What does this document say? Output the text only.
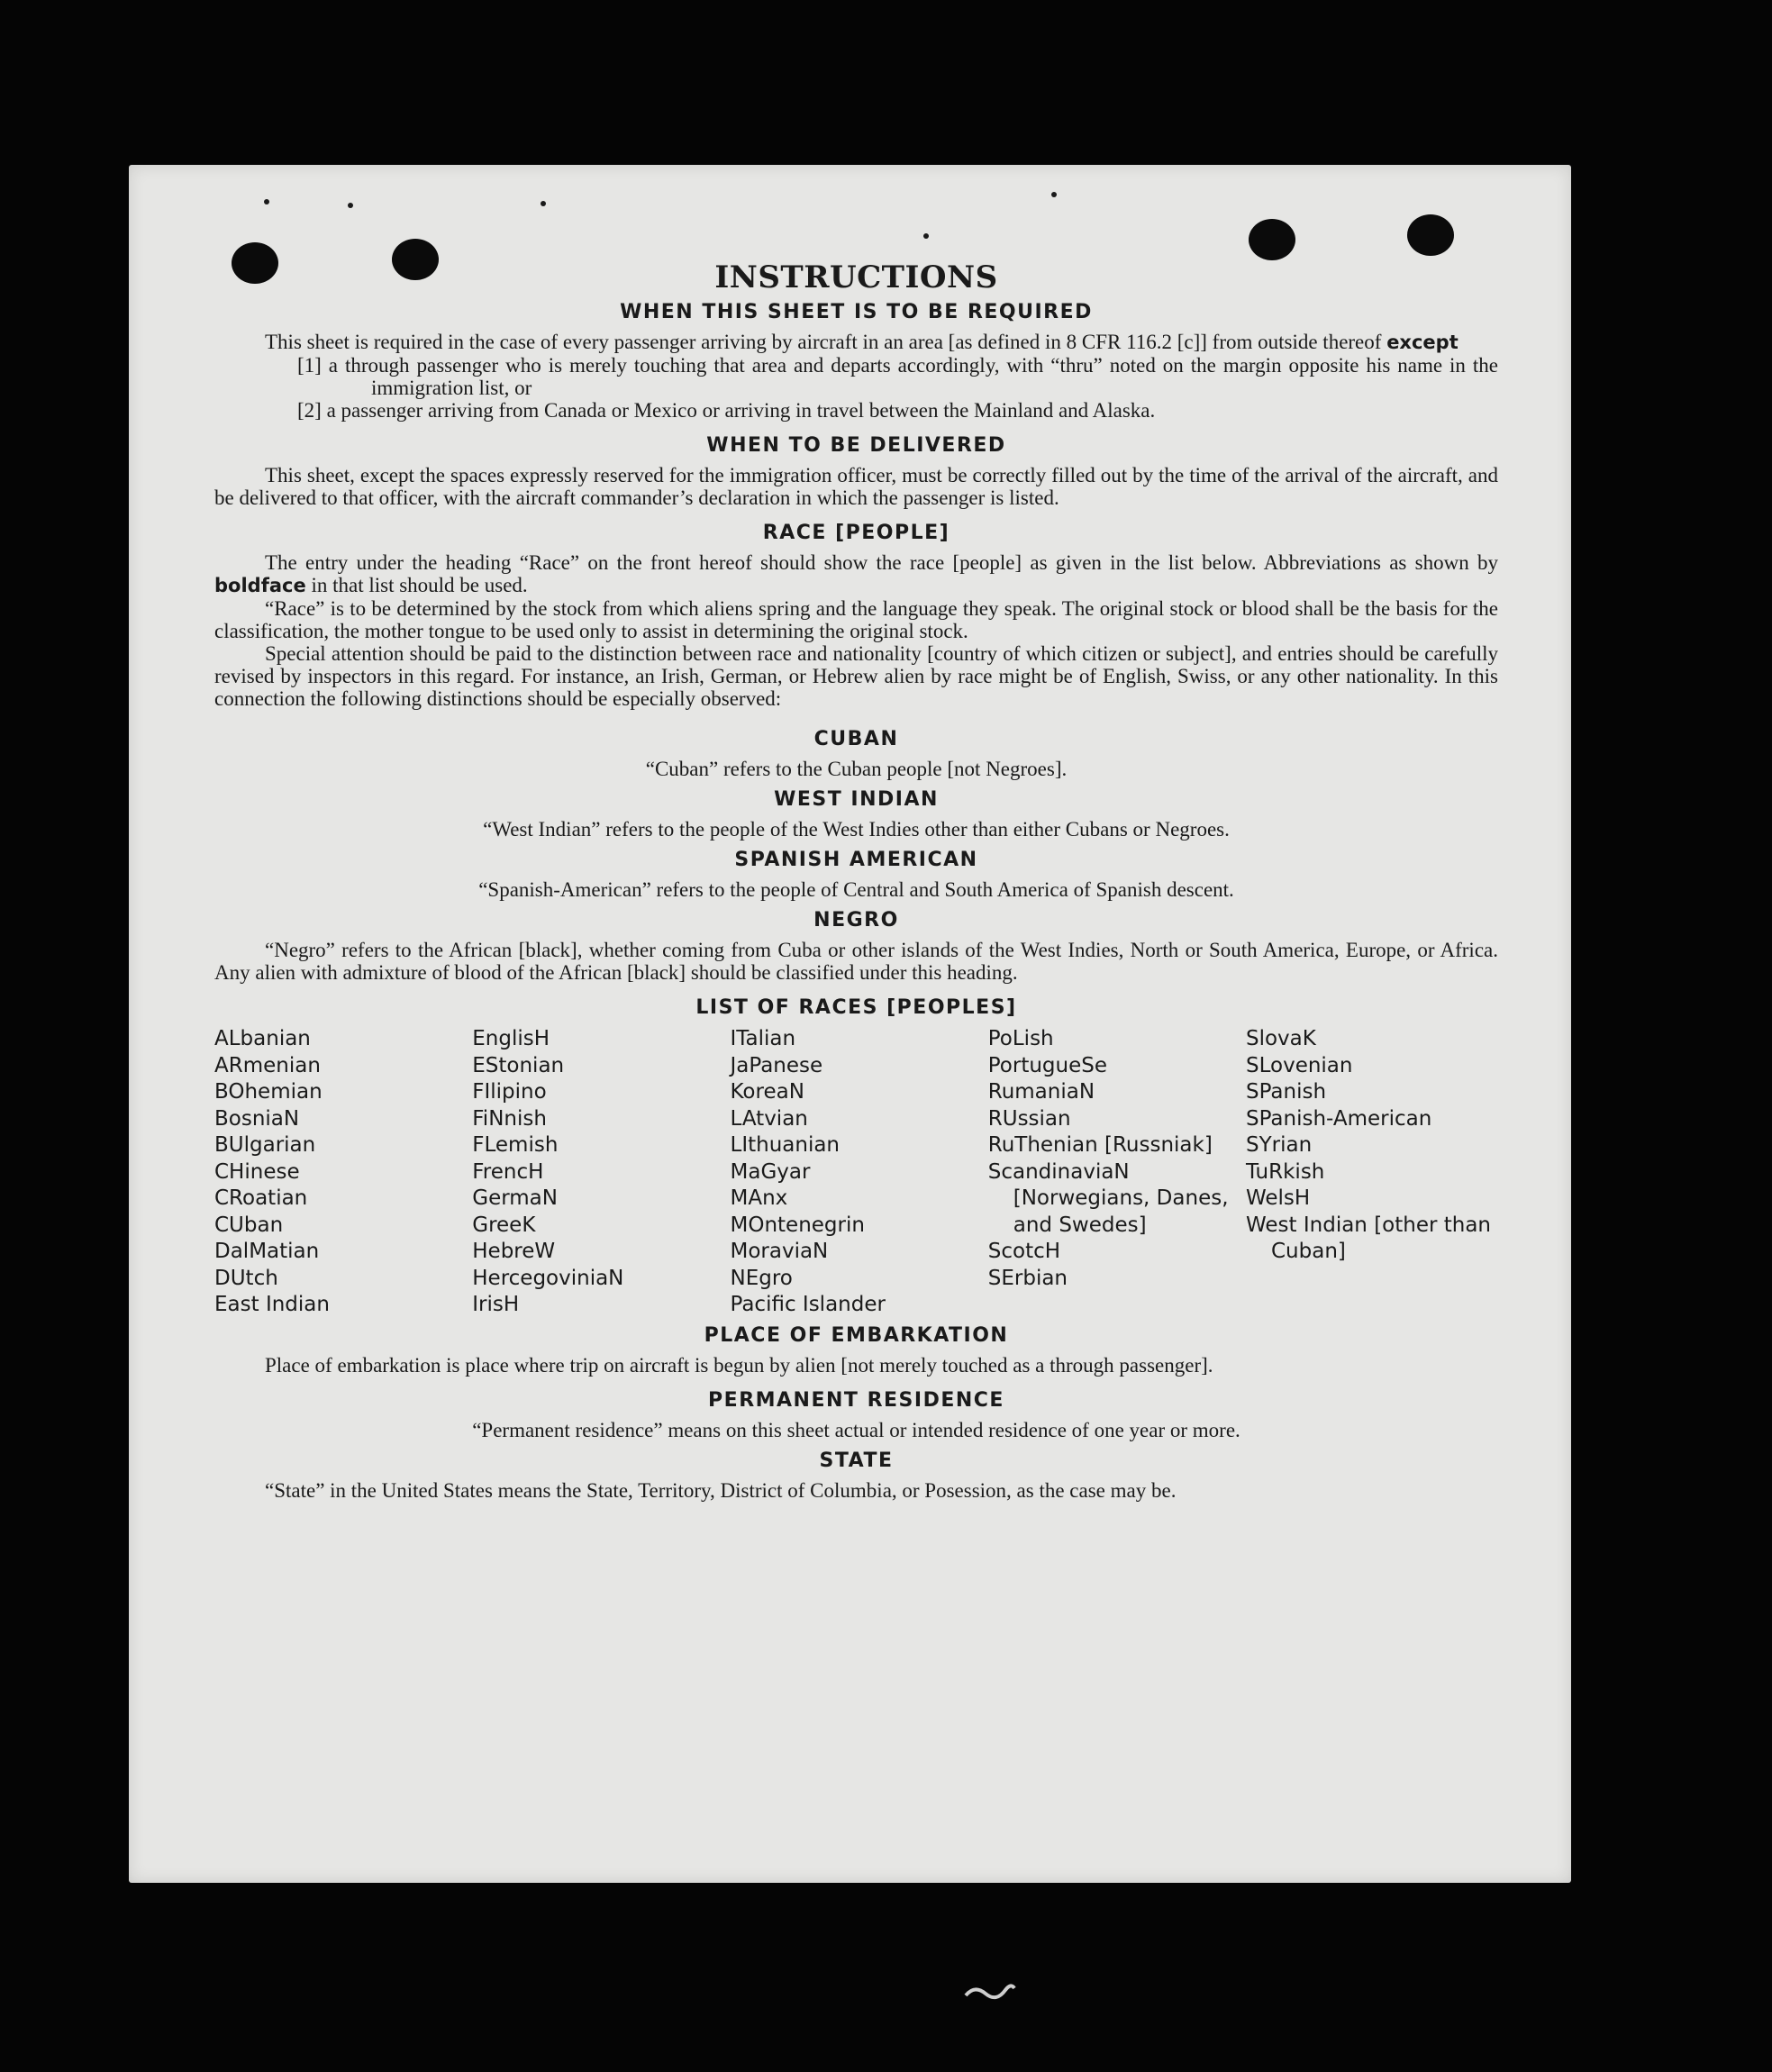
INSTRUCTIONS
WHEN THIS SHEET IS TO BE REQUIRED

This sheet is required in the case of every passenger arriving by aircraft in an area [as defined in 8 CFR 116.2 [c]] from outside thereof except

[1] a through passenger who is merely touching that area and departs accordingly, with “thru” noted on the margin opposite his name in the immigration list, or
[2] a passenger arriving from Canada or Mexico or arriving in travel between the Mainland and Alaska.
WHEN TO BE DELIVERED

This sheet, except the spaces expressly reserved for the immigration officer, must be correctly filled out by the time of the arrival of the aircraft, and be delivered to that officer, with the aircraft commander’s declaration in which the passenger is listed.

RACE [PEOPLE]

The entry under the heading “Race” on the front hereof should show the race [people] as given in the list below. Abbreviations as shown by boldface in that list should be used.

“Race” is to be determined by the stock from which aliens spring and the language they speak. The original stock or blood shall be the basis for the classification, the mother tongue to be used only to assist in determining the original stock.

Special attention should be paid to the distinction between race and nationality [country of which citizen or subject], and entries should be carefully revised by inspectors in this regard. For instance, an Irish, German, or Hebrew alien by race might be of English, Swiss, or any other nationality. In this connection the following distinctions should be especially observed:

CUBAN
“Cuban” refers to the Cuban people [not Negroes].
WEST INDIAN
“West Indian” refers to the people of the West Indies other than either Cubans or Negroes.
SPANISH AMERICAN
“Spanish-American” refers to the people of Central and South America of Spanish descent.
NEGRO

“Negro” refers to the African [black], whether coming from Cuba or other islands of the West Indies, North or South America, Europe, or Africa. Any alien with admixture of blood of the African [black] should be classified under this heading.

LIST OF RACES [PEOPLES]
ALbanian
ARmenian
BOhemian
BosniaN
BUlgarian
CHinese
CRoatian
CUban
DalMatian
DUtch
East Indian
EnglisH
EStonian
FIlipino
FiNnish
FLemish
FrencH
GermaN
GreeK
HebreW
HercegoviniaN
IrisH
ITalian
JaPanese
KoreaN
LAtvian
LIthuanian
MaGyar
MAnx
MOntenegrin
MoraviaN
NEgro
Pacific Islander
PoLish
PortugueSe
RumaniaN
RUssian
RuThenian [Russniak]
ScandinaviaN [Norwegians, Danes, and Swedes]
ScotcH
SErbian
SlovaK
SLovenian
SPanish
SPanish-American
SYrian
TuRkish
WelsH
West Indian [other than Cuban]
PLACE OF EMBARKATION

Place of embarkation is place where trip on aircraft is begun by alien [not merely touched as a through passenger].

PERMANENT RESIDENCE
“Permanent residence” means on this sheet actual or intended residence of one year or more.
STATE

“State” in the United States means the State, Territory, District of Columbia, or Posession, as the case may be.
